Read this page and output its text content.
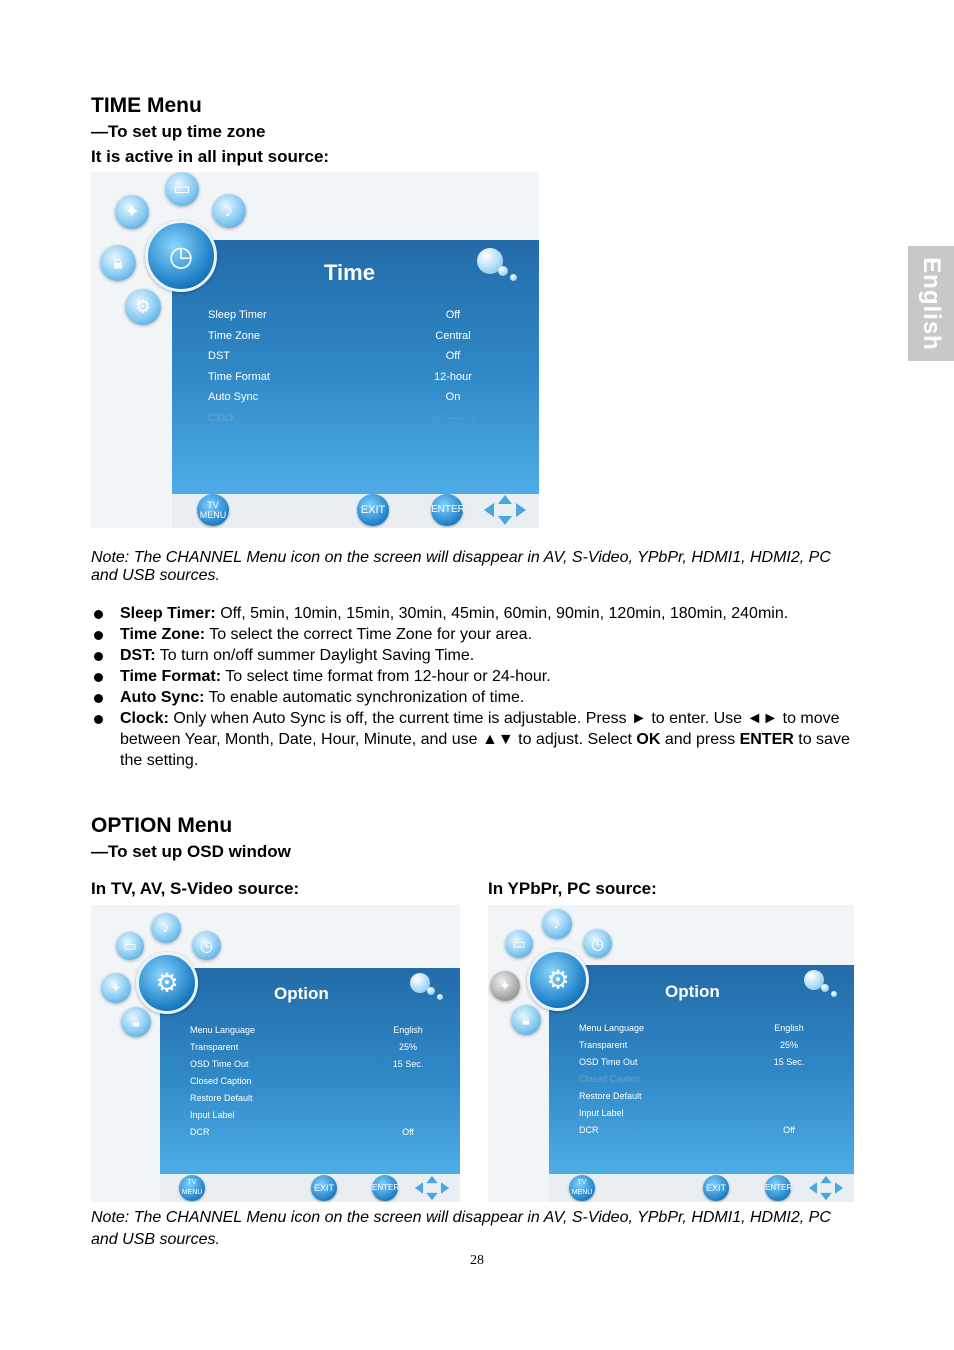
English
TIME Menu
—To set up time zone
It is active in all input source:
Time
Sleep Timer	Off
Time Zone	Central
DST	Off
Time Format	12-hour
Auto Sync	On
Clock	-- : -- -- --
TV MENU	EXIT	ENTER
▭
♪
✦
◷
🔒︎
⚙
Note: The CHANNEL Menu icon on the screen will disappear in AV, S-Video, YPbPr, HDMI1, HDMI2, PC and USB sources.
Sleep Timer: Off, 5min, 10min, 15min, 30min, 45min, 60min, 90min, 120min, 180min, 240min.
Time Zone: To select the correct Time Zone for your area.
DST: To turn on/off summer Daylight Saving Time.
Time Format: To select time format from 12-hour or 24-hour.
Auto Sync: To enable automatic synchronization of time.
Clock: Only when Auto Sync is off, the current time is adjustable. Press ► to enter. Use ◄► to move between Year, Month, Date, Hour, Minute, and use ▲▼ to adjust. Select OK and press ENTER to save the setting.
OPTION Menu
—To set up OSD window
In TV, AV, S-Video source:	In YPbPr, PC source:
Option
Menu Language	English
Transparent	25%
OSD Time Out	15 Sec.
Closed Caption
Restore Default
Input Label
DCR	Off
TV MENU	EXIT	ENTER
▭
♪
◷
✦	⚙
🔒︎
Option
Menu Language	English
Transparent	25%
OSD Time Out	15 Sec.
Closed Caption
Restore Default
Input Label
DCR	Off
TV MENU	EXIT	ENTER
▭
♪
◷
✦	⚙
🔒︎
Note: The CHANNEL Menu icon on the screen will disappear in AV, S-Video, YPbPr, HDMI1, HDMI2, PC and USB sources.
28
